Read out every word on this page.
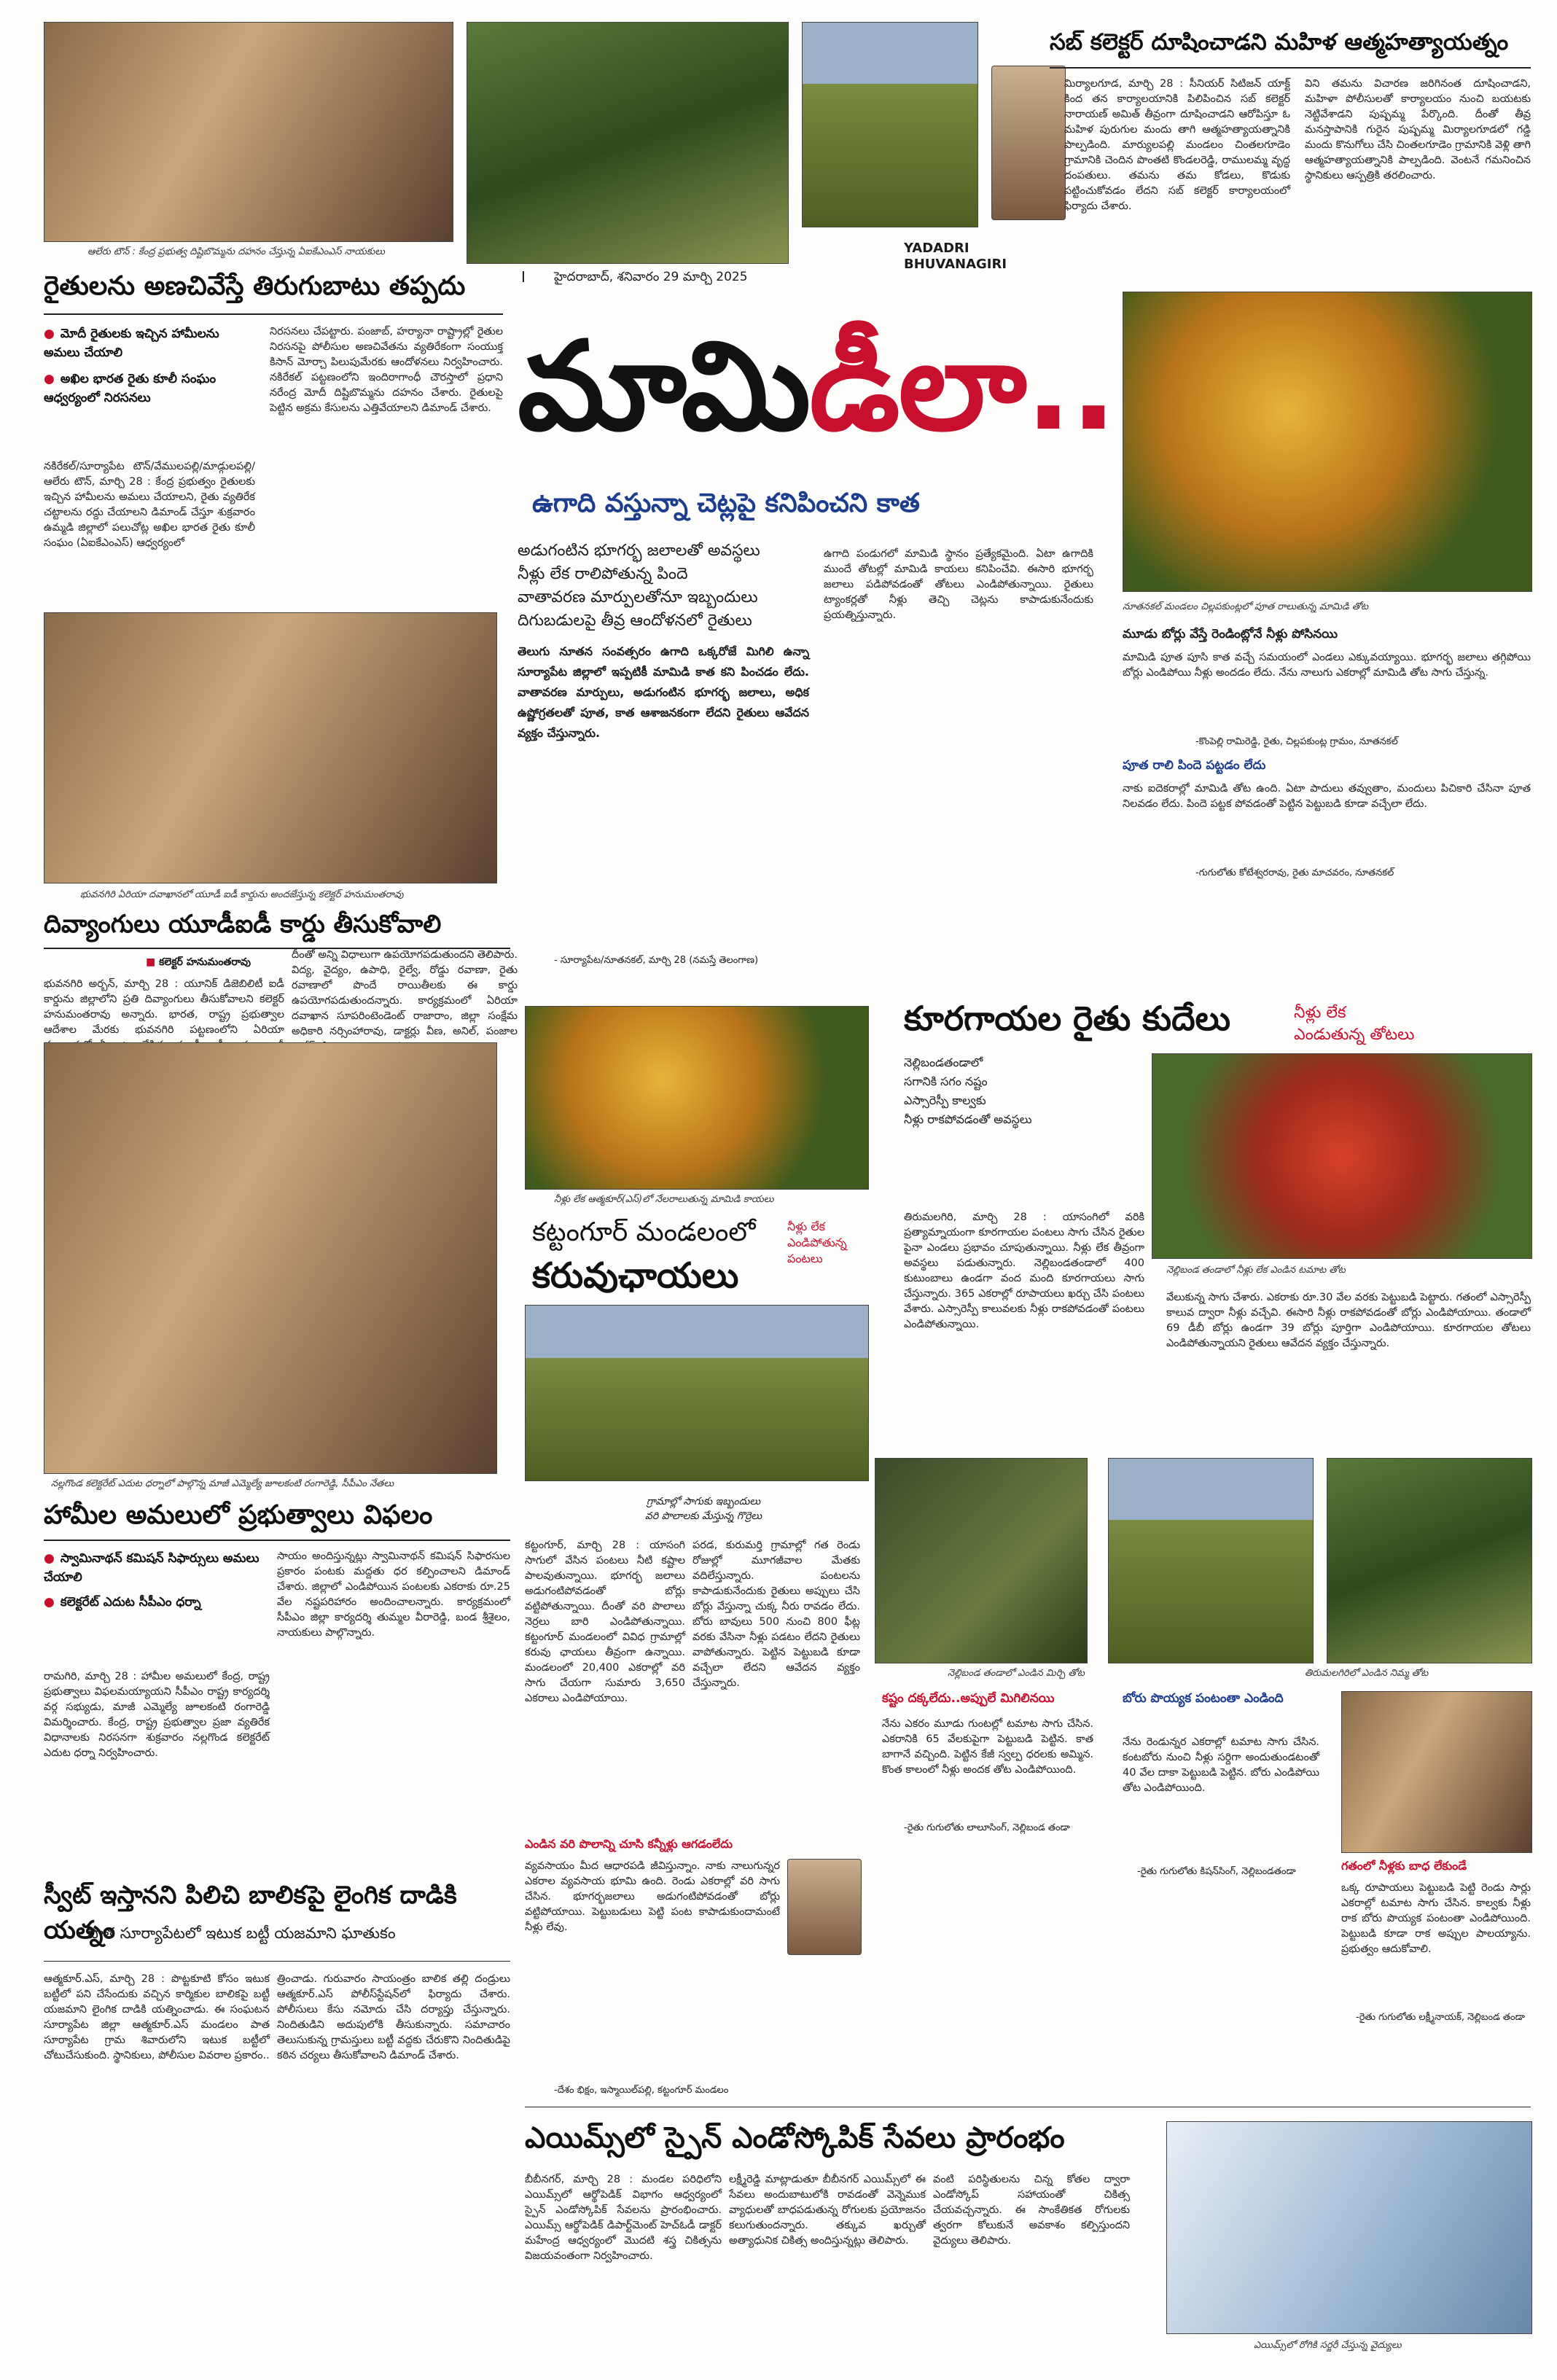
ఆలేరు టౌన్ : కేంద్ర ప్రభుత్వ దిష్టిబొమ్మను దహనం చేస్తున్న ఏఐకేఎంఎస్ నాయకులు
I హైదరాబాద్, శనివారం 29 మార్చి 2025
YADADRI
BHUVANAGIRI
సబ్ కలెక్టర్ దూషించాడని మహిళ ఆత్మహత్యాయత్నం
మిర్యాలగూడ, మార్చి 28 : సీనియర్ సిటిజన్ యాక్ట్ కింద తన కార్యాలయానికి పిలిపించిన సబ్ కలెక్టర్ నారాయణ్ అమిత్ తీవ్రంగా దూషించాడని ఆరోపిస్తూ ఓ మహిళ పురుగుల మందు తాగి ఆత్మహత్యాయత్నానికి పాల్పడింది. మార్యులపల్లి మండలం చింతలగూడెం గ్రామానికి చెందిన పొంతటి కొండలరెడ్డి, రాములమ్మ వృద్ధ దంపతులు. తమను తమ కోడలు, కొడుకు పట్టించుకోవడం లేదని సబ్ కలెక్టర్ కార్యాలయంలో ఫిర్యాదు చేశారు.
విని తమను విచారణ జరిగినంత దూషించాడని, మహిళా పోలీసులతో కార్యాలయం నుంచి బయటకు నెట్టివేశాడని పుష్పమ్మ పేర్కొంది. దీంతో తీవ్ర మనస్తాపానికి గురైన పుష్పమ్మ మిర్యాలగూడలో గడ్డి మందు కొనుగోలు చేసి చింతలగూడెం గ్రామానికి వెళ్లి తాగి ఆత్మహత్యాయత్నానికి పాల్పడింది. వెంటనే గమనించిన స్థానికులు ఆస్పత్రికి తరలించారు.
రైతులను అణచివేస్తే తిరుగుబాటు తప్పదు
● మోదీ రైతులకు ఇచ్చిన హామీలను అమలు చేయాలి
● అఖిల భారత రైతు కూలీ సంఘం ఆధ్వర్యంలో నిరసనలు
నకిరేకల్/సూర్యాపేట టౌన్/వేములపల్లి/మాడ్గులపల్లి/ఆలేరు టౌన్, మార్చి 28 : కేంద్ర ప్రభుత్వం రైతులకు ఇచ్చిన హామీలను అమలు చేయాలని, రైతు వ్యతిరేక చట్టాలను రద్దు చేయాలని డిమాండ్ చేస్తూ శుక్రవారం ఉమ్మడి జిల్లాలో పలుచోట్ల అఖిల భారత రైతు కూలీ సంఘం (ఏఐకేఎంఎస్) ఆధ్వర్యంలో
నిరసనలు చేపట్టారు. పంజాబ్, హర్యానా రాష్ట్రాల్లో రైతుల నిరసనపై పోలీసుల అణచివేతను వ్యతిరేకంగా సంయుక్త కిసాన్ మోర్చా పిలుపుమేరకు ఆందోళనలు నిర్వహించారు. నకిరేకల్ పట్టణంలోని ఇందిరాగాంధీ చౌరస్తాలో ప్రధాని నరేంద్ర మోదీ దిష్టిబొమ్మను దహనం చేశారు. రైతులపై పెట్టిన అక్రమ కేసులను ఎత్తివేయాలని డిమాండ్ చేశారు. మామిడీలా..
ఉగాది వస్తున్నా చెట్లపై కనిపించని కాత
అడుగంటిన భూగర్భ జలాలతో అవస్థలు
నీళ్లు లేక రాలిపోతున్న పిందె
వాతావరణ మార్పులతోనూ ఇబ్బందులు
దిగుబడులపై తీవ్ర ఆందోళనలో రైతులు
తెలుగు నూతన సంవత్సరం ఉగాది ఒక్కరోజే మిగిలి ఉన్నా సూర్యాపేట జిల్లాలో ఇప్పటికీ మామిడి కాత కని పించడం లేదు. వాతావరణ మార్పులు, అడుగంటిన భూగర్భ జలాలు, అధిక ఉష్ణోగ్రతలతో పూత, కాత ఆశాజనకంగా లేదని రైతులు ఆవేదన వ్యక్తం చేస్తున్నారు.
- సూర్యాపేట/నూతనకల్, మార్చి 28 (నమస్తే తెలంగాణ)
ఉగాది పండుగలో మామిడి స్థానం ప్రత్యేకమైంది. ఏటా ఉగాదికి ముందే తోటల్లో మామిడి కాయలు కనిపించేవి. ఈసారి భూగర్భ జలాలు పడిపోవడంతో తోటలు ఎండిపోతున్నాయి. రైతులు ట్యాంకర్లతో నీళ్లు తెచ్చి చెట్లను కాపాడుకునేందుకు ప్రయత్నిస్తున్నారు.
నూతనకల్ మండలం చిల్లపకుంట్లలో పూత రాలుతున్న మామిడి తోట
మూడు బోర్లు వేస్తే రెండింట్లోనే నీళ్లు పోసినయి
మామిడి పూత పూసి కాత వచ్చే సమయంలో ఎండలు ఎక్కువయ్యాయి. భూగర్భ జలాలు తగ్గిపోయి బోర్లు ఎండిపోయి నీళ్లు అందడం లేదు. నేను నాలుగు ఎకరాల్లో మామిడి తోట సాగు చేస్తున్న.
-కొంపెల్లి రామిరెడ్డి, రైతు, చిల్లపకుంట్ల గ్రామం, నూతనకల్
పూత రాలి పిందె పట్టడం లేదు
నాకు ఐదెకరాల్లో మామిడి తోట ఉంది. ఏటా పాదులు తవ్వుతాం, మందులు పిచికారి చేసినా పూత నిలవడం లేదు. పిందె పట్టక పోవడంతో పెట్టిన పెట్టుబడి కూడా వచ్చేలా లేదు.
-గుగులోతు కోటేశ్వరరావు, రైతు మాచవరం, నూతనకల్
భువనగిరి ఏరియా దవాఖానలో యూడీ ఐడీ కార్డును అందజేస్తున్న కలెక్టర్ హనుమంతరావు
దివ్యాంగులు యూడీఐడీ కార్డు తీసుకోవాలి
■ కలెక్టర్ హనుమంతరావు
భువనగిరి అర్బన్, మార్చి 28 : యూనిక్ డిజెబిలిటీ ఐడీ కార్డును జిల్లాలోని ప్రతి దివ్యాంగులు తీసుకోవాలని కలెక్టర్ హనుమంతరావు అన్నారు. భారత, రాష్ట్ర ప్రభుత్వాల ఆదేశాల మేరకు భువనగిరి పట్టణంలోని ఏరియా
దీంతో అన్ని విధాలుగా ఉపయోగపడుతుందని తెలిపారు. విద్య, వైద్యం, ఉపాధి, రైల్వే, రోడ్డు రవాణా, రైతు రవాణాలో పొందే రాయితీలకు ఈ కార్డు ఉపయోగపడుతుందన్నారు. కార్యక్రమంలో ఏరియా దవాఖాన సూపరింటెండెంట్ రాజారాం, జిల్లా సంక్షేమ అధికారి నర్సింహారావు, డాక్టర్లు వీణ, అనిల్, పంజాల
నీళ్లు లేక ఆత్మకూర్(ఎస్)లో నేలరాలుతున్న మామిడి కాయలు
కట్టంగూర్ మండలంలో
కరువుఛాయలు
నీళ్లు లేక
ఎండిపోతున్న
పంటలు
కూరగాయల రైతు కుదేలు	నీళ్లు లేక
ఎండుతున్న తోటలు
నెల్లిబండతండాలో
సగానికి సగం నష్టం
ఎస్సారెస్పీ కాల్వకు
నీళ్లు రాకపోవడంతో అవస్థలు
తిరుమలగిరి, మార్చి 28 : యాసంగిలో వరికి ప్రత్యామ్నాయంగా కూరగాయల పంటలు సాగు చేసిన రైతుల పైనా ఎండలు ప్రభావం చూపుతున్నాయి. నీళ్లు లేక తీవ్రంగా అవస్థలు పడుతున్నారు. నెల్లిబండతండాలో 400 కుటుంబాలు ఉండగా వంద మంది కూరగాయలు సాగు చేస్తున్నారు. 365 ఎకరాల్లో రూపాయలు ఖర్చు చేసి పంటలు వేశారు. ఎస్సారెస్పీ కాలువలకు నీళ్లు రాకపోవడంతో పంటలు ఎండిపోతున్నాయి.
నెల్లిబండ తండాలో నీళ్లు లేక ఎండిన టమాట తోట
వేలుకున్న సాగు చేశారు. ఎకరాకు రూ.30 వేల వరకు పెట్టుబడి పెట్టారు. గతంలో ఎస్సారెస్పీ కాలువ ద్వారా నీళ్లు వచ్చేవి. ఈసారి నీళ్లు రాకపోవడంతో బోర్లు ఎండిపోయాయి. తండాలో 69 డీబీ బోర్లు ఉండగా 39 బోర్లు పూర్తిగా ఎండిపోయాయి. కూరగాయల తోటలు ఎండిపోతున్నాయని రైతులు ఆవేదన వ్యక్తం చేస్తున్నారు.
నెల్లిబండ తండాలో ఎండిన మిర్చి తోట	తిరుమలగిరిలో ఎండిన నిమ్మ తోట
కష్టం దక్కలేదు..అప్పులే మిగిలినయి
నేను ఎకరం మూడు గుంటల్లో టమాట సాగు చేసిన. ఎకరానికి 65 వేలకుపైగా పెట్టుబడి పెట్టిన. కాత బాగానే వచ్చింది. పెట్టిన కేజీ స్వల్ప ధరలకు అమ్మిన. కొంత కాలంలో నీళ్లు అందక తోట ఎండిపోయింది.
-రైతు గుగులోతు లాలూసింగ్, నెల్లిబండ తండా
బోరు పొయ్యక పంటంతా ఎండింది
నేను రెండున్నర ఎకరాల్లో టమాట సాగు చేసిన. కంటబోరు నుంచి నీళ్లు సర్దిగా అందుతుండటంతో 40 వేల దాకా పెట్టుబడి పెట్టిన. బోరు ఎండిపోయి తోట ఎండిపోయింది.
-రైతు గుగులోతు కిషన్‌సింగ్, నెల్లిబండతండా	గతంలో నీళ్లకు బాధ లేకుండే
ఒక్క రూపాయలు పెట్టుబడి పెట్టి రెండు సార్లు ఎకరాల్లో టమాట సాగు చేసిన. కాల్వకు నీళ్లు రాక బోరు పొయ్యక పంటంతా ఎండిపోయింది. పెట్టుబడి కూడా రాక అప్పుల పాలయ్యాను. ప్రభుత్వం ఆదుకోవాలి.
-రైతు గుగులోతు లక్ష్మీనాయక్, నెల్లిబండ తండా
గ్రామాల్లో సాగుకు ఇబ్బందులు
వరి పొలాలకు మేస్తున్న గొర్రెలు
కట్టంగూర్, మార్చి 28 : యాసంగి సాగులో వేసిన పంటలు నీటి కష్టాల పాలవుతున్నాయి. భూగర్భ జలాలు అడుగంటిపోవడంతో బోర్లు వట్టిపోతున్నాయి. దీంతో వరి పొలాలు నెర్రలు బారి ఎండిపోతున్నాయి. కట్టంగూర్ మండలంలో వివిధ గ్రామాల్లో కరువు ఛాయలు తీవ్రంగా ఉన్నాయి. మండలంలో 20,400 ఎకరాల్లో వరి సాగు చేయగా సుమారు 3,650 ఎకరాలు ఎండిపోయాయి.
పరడ, కురుమర్తి గ్రామాల్లో గత రెండు రోజుల్లో మూగజీవాల మేతకు వదిలేస్తున్నారు. పంటలను కాపాడుకునేందుకు రైతులు అప్పులు చేసి బోర్లు వేస్తున్నా చుక్క నీరు రావడం లేదు. బోరు బావులు 500 నుంచి 800 ఫీట్ల వరకు వేసినా నీళ్లు పడటం లేదని రైతులు వాపోతున్నారు. పెట్టిన పెట్టుబడి కూడా వచ్చేలా లేదని ఆవేదన వ్యక్తం చేస్తున్నారు.
ఎండిన వరి పొలాన్ని చూసి కన్నీళ్లు ఆగడంలేదు
వ్యవసాయం మీద ఆధారపడి జీవిస్తున్నాం. నాకు నాలుగున్నర ఎకరాల వ్యవసాయ భూమి ఉంది. రెండు ఎకరాల్లో వరి సాగు చేసిన. భూగర్భజలాలు అడుగంటిపోవడంతో బోర్లు వట్టిపోయాయి. పెట్టుబడులు పెట్టి పంట కాపాడుకుందామంటే నీళ్లు లేవు.
-దేశం భిక్షం, ఇస్మాయిల్‌పల్లి, కట్టంగూర్ మండలం
నల్లగొండ కలెక్టరేట్ ఎదుట ధర్నాలో పాల్గొన్న మాజీ ఎమ్మెల్యే జూలకంటి రంగారెడ్డి, సీపీఎం నేతలు
హామీల అమలులో ప్రభుత్వాలు విఫలం
● స్వామినాథన్ కమిషన్ సిఫార్సులు అమలు చేయాలి
● కలెక్టరేట్ ఎదుట సీపీఎం ధర్నా
రామగిరి, మార్చి 28 : హామీల అమలులో కేంద్ర, రాష్ట్ర ప్రభుత్వాలు విఫలమయ్యాయని సీపీఎం రాష్ట్ర కార్యదర్శి వర్గ సభ్యుడు, మాజీ ఎమ్మెల్యే జూలకంటి రంగారెడ్డి విమర్శించారు. కేంద్ర, రాష్ట్ర ప్రభుత్వాల ప్రజా వ్యతిరేక విధానాలకు నిరసనగా శుక్రవారం నల్లగొండ కలెక్టరేట్ ఎదుట ధర్నా నిర్వహించారు.
సాయం అందిస్తున్నట్లు స్వామినాథన్ కమిషన్ సిఫారసుల ప్రకారం పంటకు మద్దతు ధర కల్పించాలని డిమాండ్ చేశారు. జిల్లాలో ఎండిపోయిన పంటలకు ఎకరాకు రూ.25 వేల నష్టపరిహారం అందించాలన్నారు. కార్యక్రమంలో సీపీఎం జిల్లా కార్యదర్శి తుమ్మల వీరారెడ్డి, బండ శ్రీశైలం, నాయకులు పాల్గొన్నారు.
స్వీట్ ఇస్తానని పిలిచి బాలికపై లైంగిక దాడికి యత్నం
పాత సూర్యాపేటలో ఇటుక బట్టీ యజమాని ఘాతుకం
ఆత్మకూర్.ఎస్, మార్చి 28 : పొట్టకూటి కోసం ఇటుక బట్టీలో పని చేసేందుకు వచ్చిన కార్మికుల బాలికపై బట్టీ యజమాని లైంగిక దాడికి యత్నించాడు. ఈ సంఘటన సూర్యాపేట జిల్లా ఆత్మకూర్.ఎస్ మండలం పాత సూర్యాపేట గ్రామ శివారులోని ఇటుక బట్టీలో చోటుచేసుకుంది. స్థానికులు, పోలీసుల వివరాల ప్రకారం..
త్రించాడు. గురువారం సాయంత్రం బాలిక తల్లి దండ్రులు ఆత్మకూర్.ఎస్ పోలీస్‌స్టేషన్‌లో ఫిర్యాదు చేశారు. పోలీసులు కేసు నమోదు చేసి దర్యాప్తు చేస్తున్నారు. నిందితుడిని అదుపులోకి తీసుకున్నారు. సమాచారం తెలుసుకున్న గ్రామస్తులు బట్టీ వద్దకు చేరుకొని నిందితుడిపై కఠిన చర్యలు తీసుకోవాలని డిమాండ్ చేశారు.
ఎయిమ్స్‌లో స్పైన్ ఎండోస్కోపిక్ సేవలు ప్రారంభం
బీబీనగర్, మార్చి 28 : మండల పరిధిలోని ఎయిమ్స్‌లో ఆర్థోపెడిక్ విభాగం ఆధ్వర్యంలో స్పైన్ ఎండోస్కోపిక్ సేవలను ప్రారంభించారు. ఎయిమ్స్ ఆర్థోపెడిక్ డిపార్ట్‌మెంట్ హెచ్‌ఓడీ డాక్టర్ మహేంద్ర ఆధ్వర్యంలో మొదటి శస్త్ర చికిత్సను విజయవంతంగా నిర్వహించారు.
లక్ష్మీరెడ్డి మాట్లాడుతూ బీబీనగర్ ఎయిమ్స్‌లో ఈ సేవలు అందుబాటులోకి రావడంతో వెన్నెముక వ్యాధులతో బాధపడుతున్న రోగులకు ప్రయోజనం కలుగుతుందన్నారు. తక్కువ ఖర్చుతో అత్యాధునిక చికిత్స అందిస్తున్నట్లు తెలిపారు.
వంటి పరిస్థితులను చిన్న కోతల ద్వారా ఎండోస్కోప్ సహాయంతో చికిత్స చేయవచ్చన్నారు. ఈ సాంకేతికత రోగులకు త్వరగా కోలుకునే అవకాశం కల్పిస్తుందని వైద్యులు తెలిపారు.
ఎయిమ్స్‌లో రోగికి సర్జరీ చేస్తున్న వైద్యులు
